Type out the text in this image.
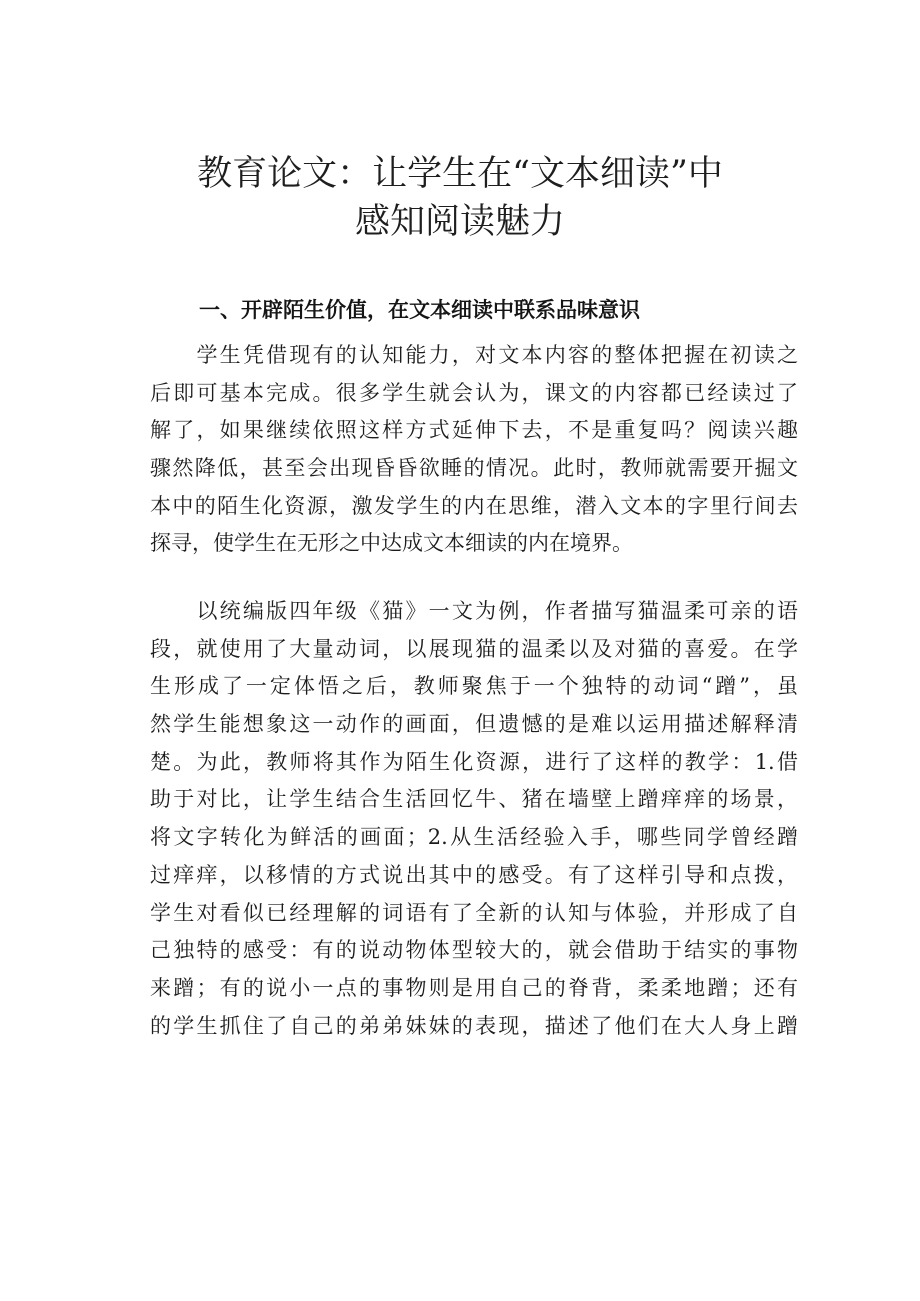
教育论文：让学生在“文本细读”中
感知阅读魅力
一、开辟陌生价值，在文本细读中联系品味意识
　　学生凭借现有的认知能力，对文本内容的整体把握在初读之
后即可基本完成。很多学生就会认为，课文的内容都已经读过了
解了，如果继续依照这样方式延伸下去，不是重复吗？阅读兴趣
骤然降低，甚至会出现昏昏欲睡的情况。此时，教师就需要开掘文
本中的陌生化资源，激发学生的内在思维，潜入文本的字里行间去
探寻，使学生在无形之中达成文本细读的内在境界。
　　以统编版四年级《猫》一文为例，作者描写猫温柔可亲的语
段，就使用了大量动词，以展现猫的温柔以及对猫的喜爱。在学
生形成了一定体悟之后，教师聚焦于一个独特的动词“蹭”，虽
然学生能想象这一动作的画面，但遗憾的是难以运用描述解释清
楚。为此，教师将其作为陌生化资源，进行了这样的教学：1.借
助于对比，让学生结合生活回忆牛、猪在墙壁上蹭痒痒的场景，
将文字转化为鲜活的画面；2.从生活经验入手，哪些同学曾经蹭
过痒痒，以移情的方式说出其中的感受。有了这样引导和点拨，
学生对看似已经理解的词语有了全新的认知与体验，并形成了自
己独特的感受：有的说动物体型较大的，就会借助于结实的事物
来蹭；有的说小一点的事物则是用自己的脊背，柔柔地蹭；还有
的学生抓住了自己的弟弟妹妹的表现，描述了他们在大人身上蹭
